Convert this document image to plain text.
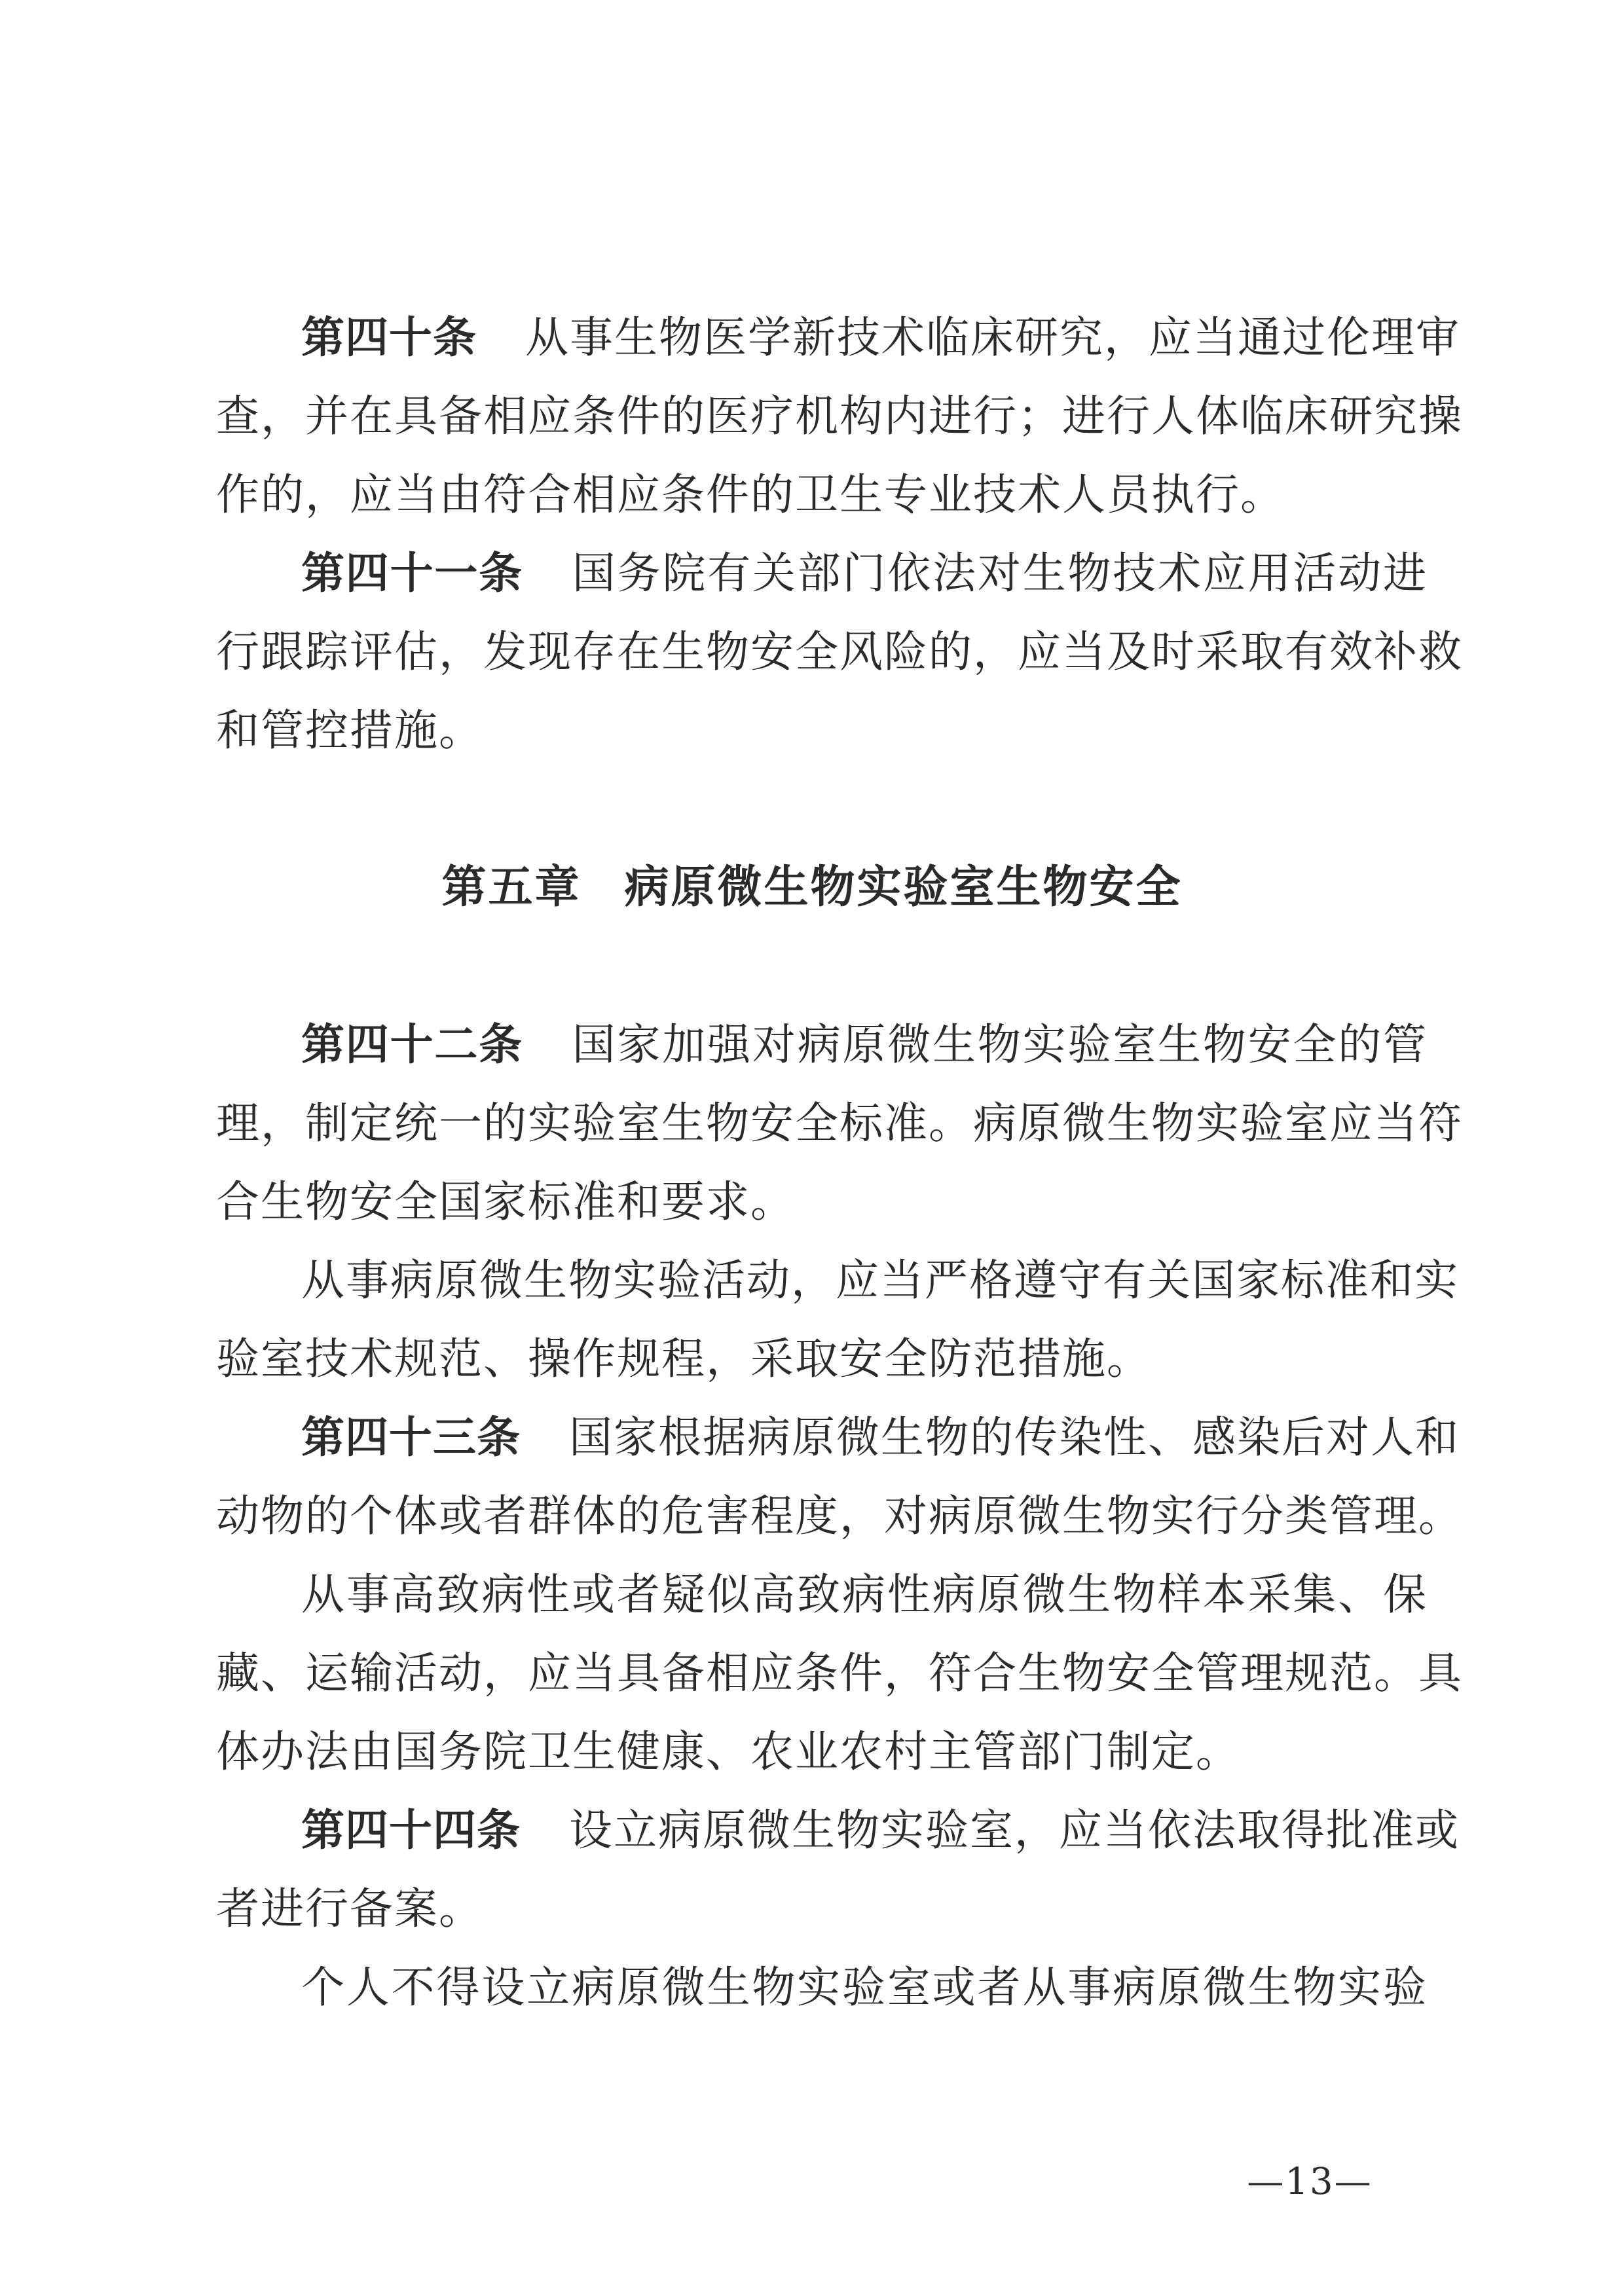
第四十条 从事生物医学新技术临床研究，应当通过伦理审
查，并在具备相应条件的医疗机构内进行；进行人体临床研究操
作的，应当由符合相应条件的卫生专业技术人员执行。
第四十一条 国务院有关部门依法对生物技术应用活动进
行跟踪评估，发现存在生物安全风险的，应当及时采取有效补救
和管控措施。
第五章 病原微生物实验室生物安全
第四十二条 国家加强对病原微生物实验室生物安全的管
理，制定统一的实验室生物安全标准。病原微生物实验室应当符
合生物安全国家标准和要求。
从事病原微生物实验活动，应当严格遵守有关国家标准和实
验室技术规范、操作规程，采取安全防范措施。
第四十三条 国家根据病原微生物的传染性、感染后对人和
动物的个体或者群体的危害程度，对病原微生物实行分类管理。
从事高致病性或者疑似高致病性病原微生物样本采集、保
藏、运输活动，应当具备相应条件，符合生物安全管理规范。具
体办法由国务院卫生健康、农业农村主管部门制定。
第四十四条 设立病原微生物实验室，应当依法取得批准或
者进行备案。
个人不得设立病原微生物实验室或者从事病原微生物实验
—13—
